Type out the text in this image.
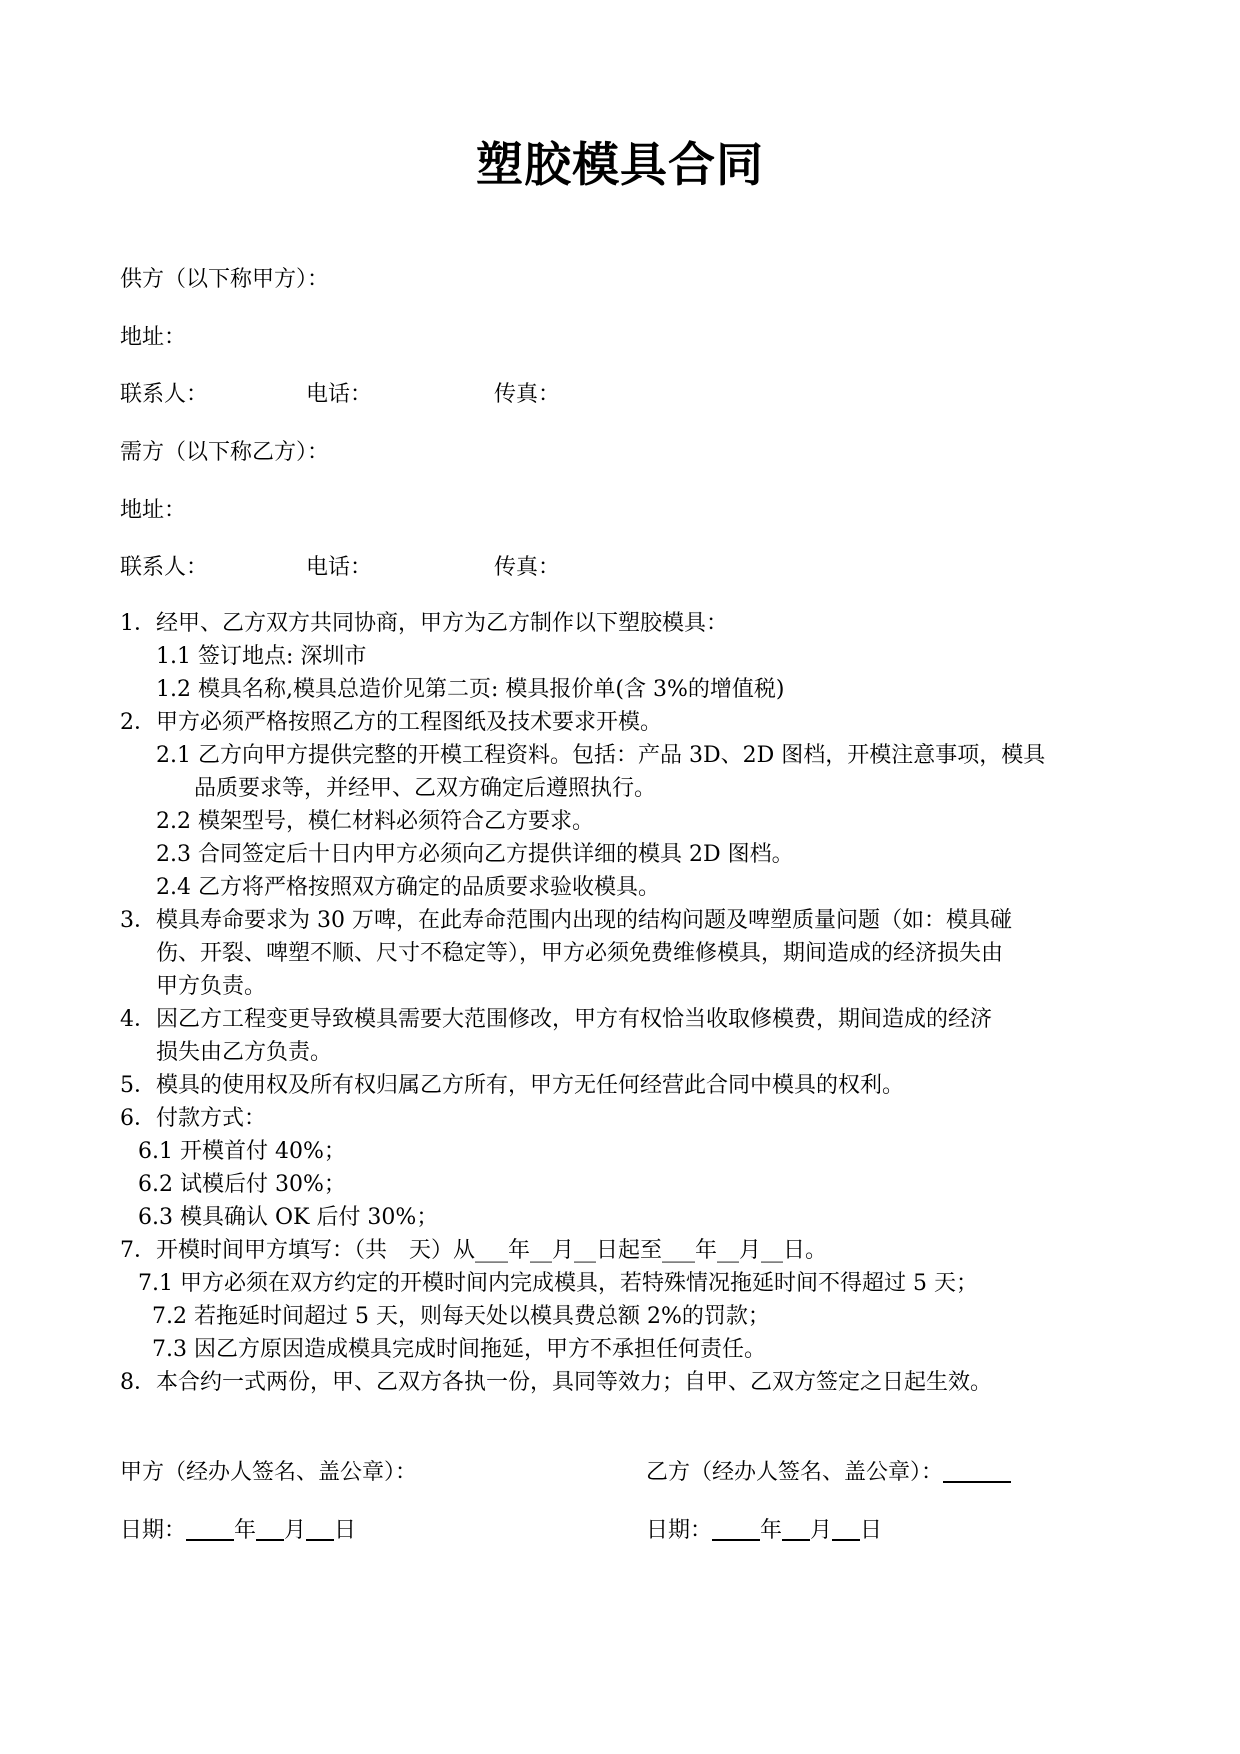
塑胶模具合同
供方（以下称甲方）：
地址：
联系人：	电话：	传真：
需方（以下称乙方）：
地址：
联系人：	电话：	传真：
1．经甲、乙方双方共同协商，甲方为乙方制作以下塑胶模具：
1.1 签订地点: 深圳市
1.2 模具名称,模具总造价见第二页: 模具报价单(含 3%的增值税)
2．甲方必须严格按照乙方的工程图纸及技术要求开模。
2.1 乙方向甲方提供完整的开模工程资料。包括：产品 3D、2D 图档，开模注意事项，模具
品质要求等，并经甲、乙双方确定后遵照执行。
2.2 模架型号，模仁材料必须符合乙方要求。
2.3 合同签定后十日内甲方必须向乙方提供详细的模具 2D 图档。
2.4 乙方将严格按照双方确定的品质要求验收模具。
3．模具寿命要求为 30 万啤，在此寿命范围内出现的结构问题及啤塑质量问题（如：模具碰
伤、开裂、啤塑不顺、尺寸不稳定等），甲方必须免费维修模具，期间造成的经济损失由
甲方负责。
4．因乙方工程变更导致模具需要大范围修改，甲方有权恰当收取修模费，期间造成的经济
损失由乙方负责。
5．模具的使用权及所有权归属乙方所有，甲方无任何经营此合同中模具的权利。
6．付款方式：
6.1 开模首付 40%；
6.2 试模后付 30%；
6.3 模具确认 OK 后付 30%；
7．开模时间甲方填写：（共　天）从___年__月__日起至___年__月__日。
7.1 甲方必须在双方约定的开模时间内完成模具，若特殊情况拖延时间不得超过 5 天；
7.2 若拖延时间超过 5 天，则每天处以模具费总额 2%的罚款；
7.3 因乙方原因造成模具完成时间拖延，甲方不承担任何责任。
8．本合约一式两份，甲、乙双方各执一份，具同等效力；自甲、乙双方签定之日起生效。
甲方（经办人签名、盖公章）：	乙方（经办人签名、盖公章）：
日期： 年 月 日	日期： 年 月 日
